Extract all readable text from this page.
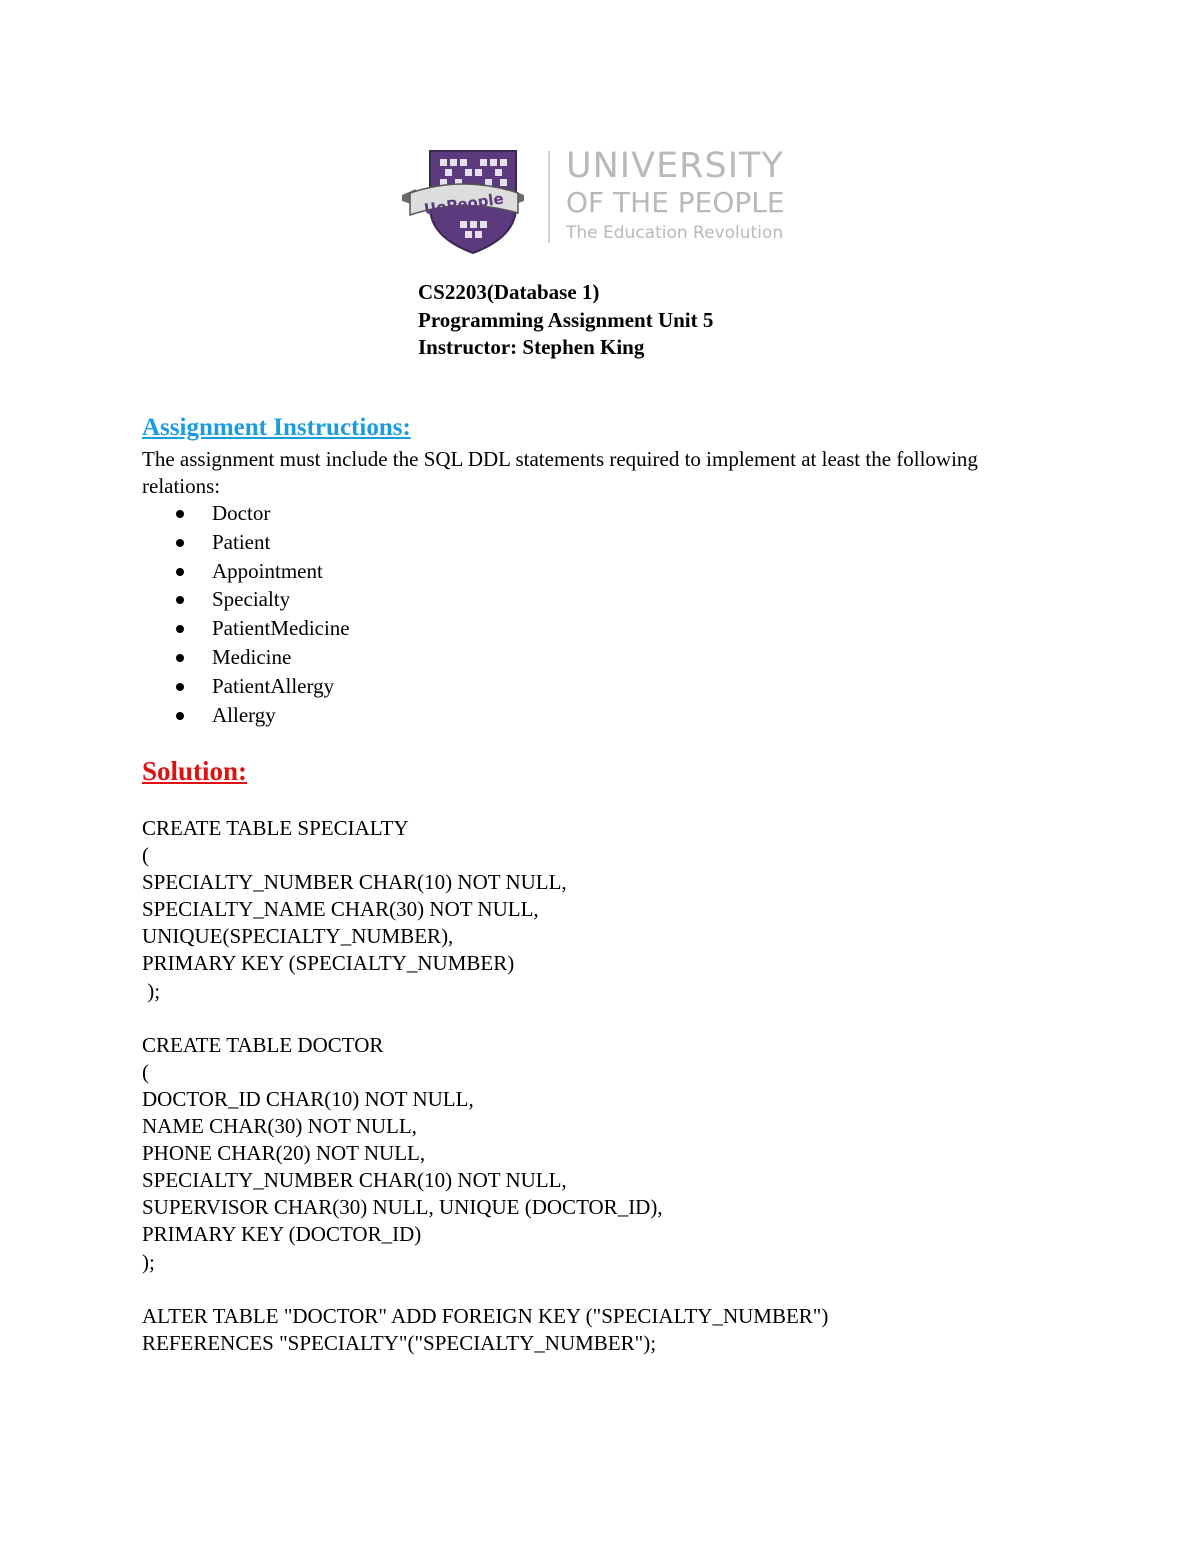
UoPeople
UNIVERSITY
OF THE PEOPLE
The Education Revolution
CS2203(Database 1)
Programming Assignment Unit 5
Instructor: Stephen King
Assignment Instructions:
The assignment must include the SQL DDL statements required to implement at least the following relations:
Doctor
Patient
Appointment
Specialty
PatientMedicine
Medicine
PatientAllergy
Allergy
Solution:
CREATE TABLE SPECIALTY
(
SPECIALTY_NUMBER CHAR(10) NOT NULL,
SPECIALTY_NAME CHAR(30) NOT NULL,
UNIQUE(SPECIALTY_NUMBER),
PRIMARY KEY (SPECIALTY_NUMBER)
);
CREATE TABLE DOCTOR
(
DOCTOR_ID CHAR(10) NOT NULL,
NAME CHAR(30) NOT NULL,
PHONE CHAR(20) NOT NULL,
SPECIALTY_NUMBER CHAR(10) NOT NULL,
SUPERVISOR CHAR(30) NULL, UNIQUE (DOCTOR_ID),
PRIMARY KEY (DOCTOR_ID)
);
ALTER TABLE "DOCTOR" ADD FOREIGN KEY ("SPECIALTY_NUMBER")
REFERENCES "SPECIALTY"("SPECIALTY_NUMBER");
